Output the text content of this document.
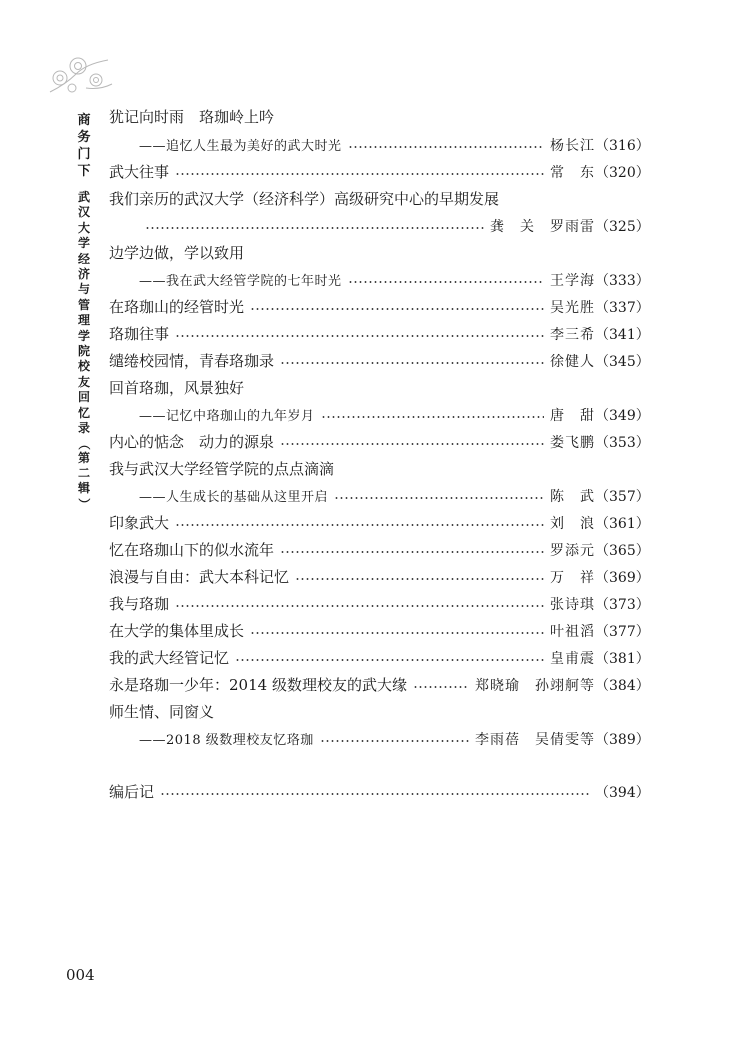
商
务
门
下
武
汉
大
学
经
济
与
管
理
学
院
校
友
回
忆
录
（
第
二
辑
）
犹记向时雨　珞珈岭上吟
——追忆人生最为美好的武大时光	杨长江 （316）
武大往事	常　东 （320）
我们亲历的武汉大学（经济科学）高级研究中心的早期发展
龚　关　罗雨雷 （325）
边学边做，学以致用
——我在武大经管学院的七年时光	王学海 （333）
在珞珈山的经管时光	吴光胜 （337）
珞珈往事	李三希 （341）
缱绻校园情，青春珞珈录	徐健人 （345）
回首珞珈，风景独好
——记忆中珞珈山的九年岁月	唐　甜 （349）
内心的惦念　动力的源泉	娄飞鹏 （353）
我与武汉大学经管学院的点点滴滴
——人生成长的基础从这里开启	陈　武 （357）
印象武大	刘　浪 （361）
忆在珞珈山下的似水流年	罗添元 （365）
浪漫与自由：武大本科记忆	万　祥 （369）
我与珞珈	张诗琪 （373）
在大学的集体里成长	叶祖滔 （377）
我的武大经管记忆	皇甫震 （381）
永是珞珈一少年：2014 级数理校友的武大缘	郑晓瑜　孙翊舸等 （384）
师生情、同窗义
——2018 级数理校友忆珞珈	李雨蓓　吴倩雯等 （389）
编后记	（394）
004
